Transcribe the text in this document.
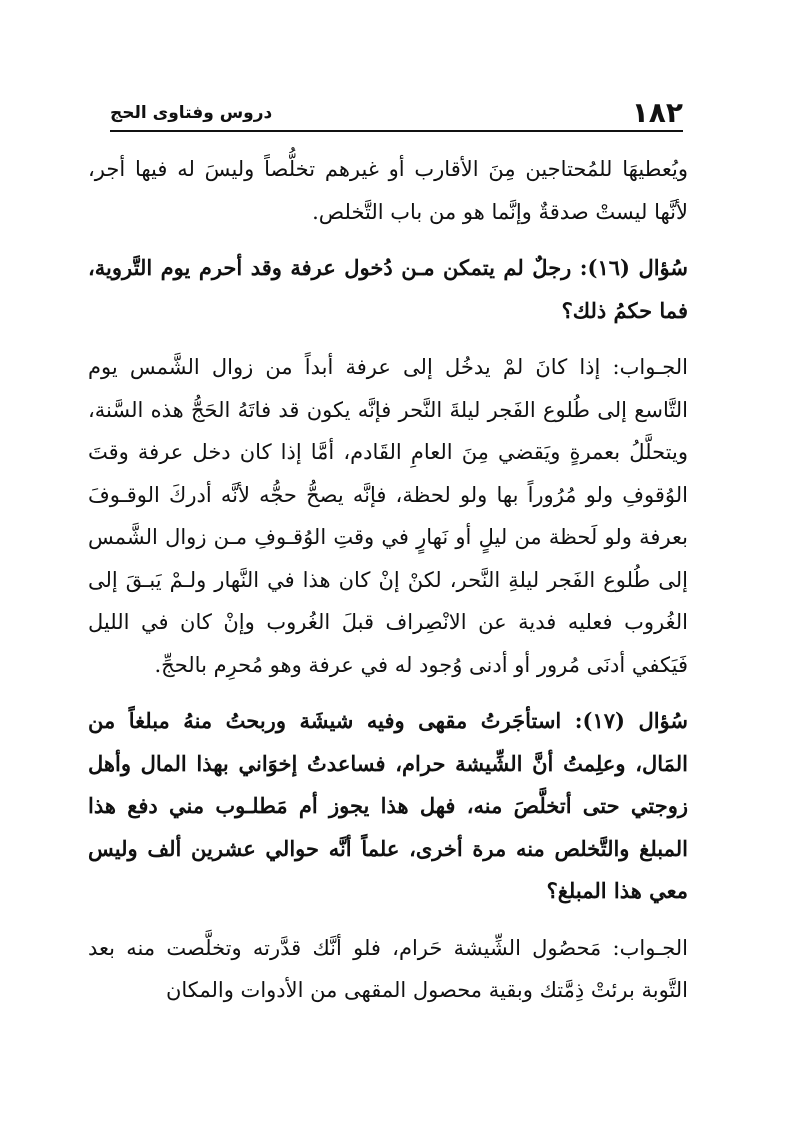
١٨٢
دروس وفتاوى الحج

ويُعطيهَا للمُحتاجين مِنَ الأقارب أو غيرهم تخلُّصاً وليسَ له فيها أجر، لأنَّها ليستْ صدقةٌ وإنَّما هو من باب التَّخلص.

سُؤال (١٦): رجلٌ لم يتمكن مـن دُخول عرفة وقد أحرم يوم التَّروية، فما حكمُ ذلك؟

الجـواب: إذا كانَ لمْ يدخُل إلى عرفة أبداً من زوال الشَّمس يوم التَّاسع إلى طُلوع الفَجر ليلةَ النَّحر فإنَّه يكون قد فاتَهُ الحَجُّ هذه السَّنة، ويتحلَّلُ بعمرةٍ ويَقضي مِنَ العامِ القَادم، أمَّا إذا كان دخل عرفة وقتَ الوُقوفِ ولو مُرُوراً بها ولو لحظة، فإنَّه يصحُّ حجُّه لأنَّه أدركَ الوقـوفَ بعرفة ولو لَحظة من ليلٍ أو نَهارٍ في وقتِ الوُقـوفِ مـن زوال الشَّمس إلى طُلوع الفَجر ليلةِ النَّحر، لكنْ إنْ كان هذا في النَّهار ولـمْ يَبـقَ إلى الغُروب فعليه فدية عن الانْصِراف قبلَ الغُروب وإنْ كان في الليل فَيَكفي أدنَى مُرور أو أدنى وُجود له في عرفة وهو مُحرِم بالحجِّ.

سُؤال (١٧): استأجَرتُ مقهى وفيه شيشَة وربحتُ منهُ مبلغاً من المَال، وعلِمتُ أنَّ الشِّيشة حرام، فساعدتُ إخوَاني بهذا المال وأهل زوجتي حتى أتخلَّصَ منه، فهل هذا يجوز أم مَطلـوب مني دفع هذا المبلغ والتَّخلص منه مرة أخرى، علماً أنَّه حوالي عشرين ألف وليس معي هذا المبلغ؟

الجـواب: مَحصُول الشِّيشة حَرام، فلو أنَّك قدَّرته وتخلَّصت منه بعد التَّوبة برئتْ ذِمَّتك وبقية محصول المقهى من الأدوات والمكان
